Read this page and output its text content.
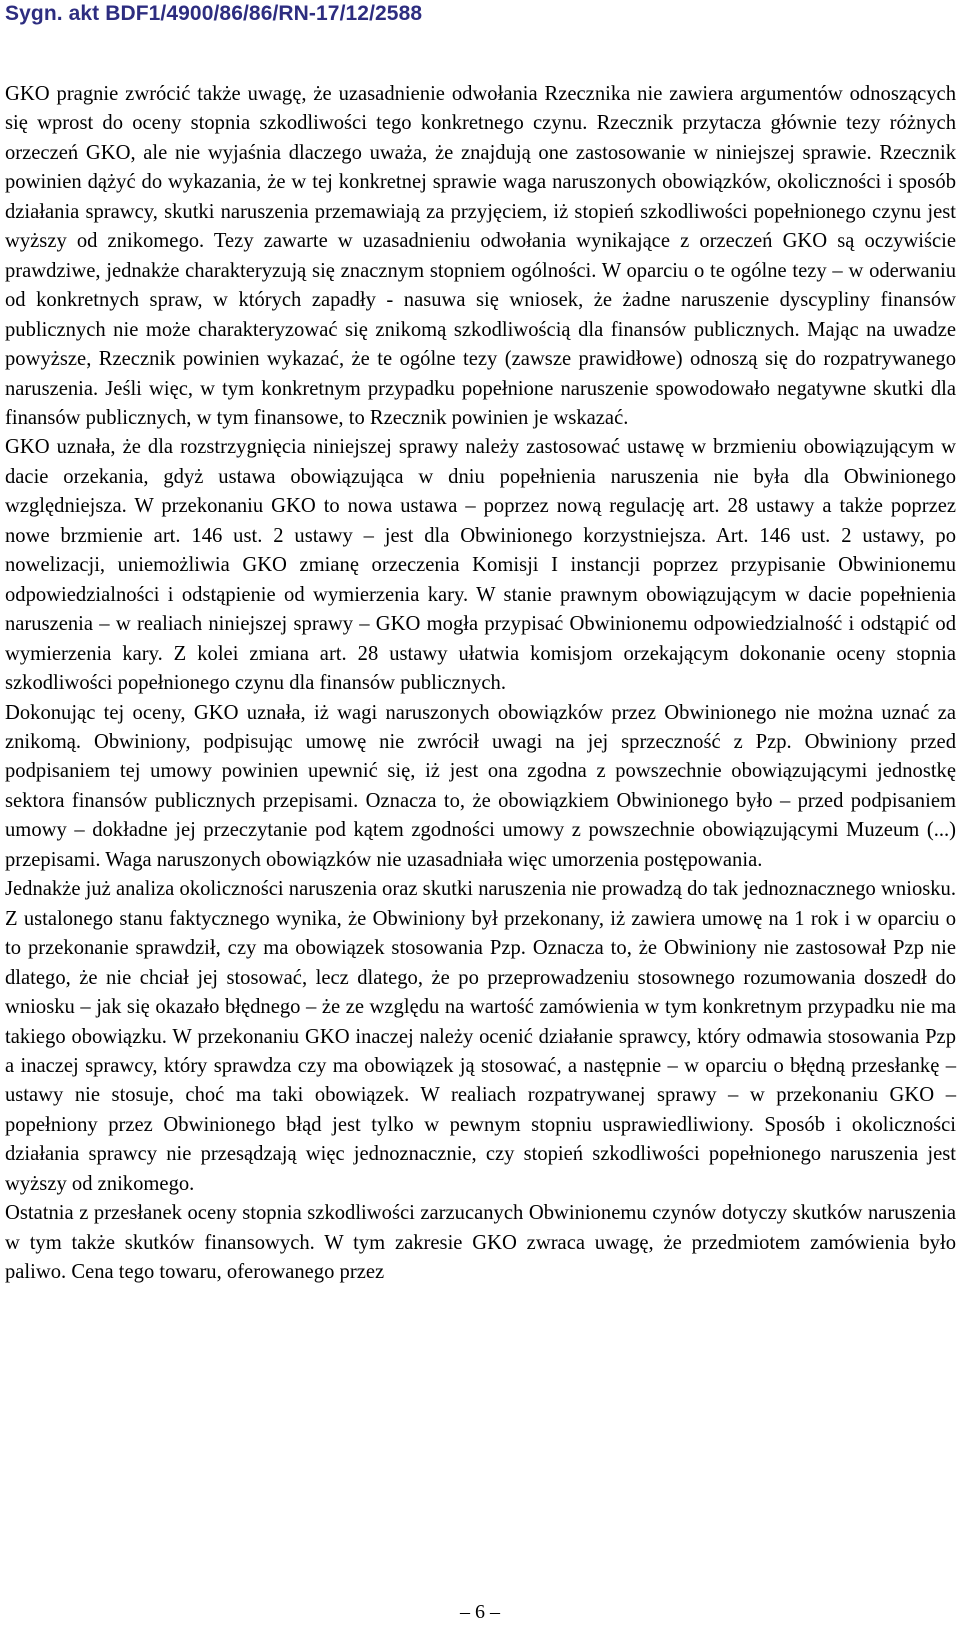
Sygn. akt BDF1/4900/86/86/RN-17/12/2588

GKO pragnie zwrócić także uwagę, że uzasadnienie odwołania Rzecznika nie zawiera argumentów odnoszących się wprost do oceny stopnia szkodliwości tego konkretnego czynu. Rzecznik przytacza głównie tezy różnych orzeczeń GKO, ale nie wyjaśnia dlaczego uważa, że znajdują one zastosowanie w niniejszej sprawie. Rzecznik powinien dążyć do wykazania, że w tej konkretnej sprawie waga naruszonych obowiązków, okoliczności i sposób działania sprawcy, skutki naruszenia przemawiają za przyjęciem, iż stopień szkodliwości popełnionego czynu jest wyższy od znikomego. Tezy zawarte w uzasadnieniu odwołania wynikające z orzeczeń GKO są oczywiście prawdziwe, jednakże charakteryzują się znacznym stopniem ogólności. W oparciu o te ogólne tezy – w oderwaniu od konkretnych spraw, w których zapadły - nasuwa się wniosek, że żadne naruszenie dyscypliny finansów publicznych nie może charakteryzować się znikomą szkodliwością dla finansów publicznych. Mając na uwadze powyższe, Rzecznik powinien wykazać, że te ogólne tezy (zawsze prawidłowe) odnoszą się do rozpatrywanego naruszenia. Jeśli więc, w tym konkretnym przypadku popełnione naruszenie spowodowało negatywne skutki dla finansów publicznych, w tym finansowe, to Rzecznik powinien je wskazać.

GKO uznała, że dla rozstrzygnięcia niniejszej sprawy należy zastosować ustawę w brzmieniu obowiązującym w dacie orzekania, gdyż ustawa obowiązująca w dniu popełnienia naruszenia nie była dla Obwinionego względniejsza. W przekonaniu GKO to nowa ustawa – poprzez nową regulację art. 28 ustawy a także poprzez nowe brzmienie art. 146 ust. 2 ustawy – jest dla Obwinionego korzystniejsza. Art. 146 ust. 2 ustawy, po nowelizacji, uniemożliwia GKO zmianę orzeczenia Komisji I instancji poprzez przypisanie Obwinionemu odpowiedzialności i odstąpienie od wymierzenia kary. W stanie prawnym obowiązującym w dacie popełnienia naruszenia – w realiach niniejszej sprawy – GKO mogła przypisać Obwinionemu odpowiedzialność i odstąpić od wymierzenia kary. Z kolei zmiana art. 28 ustawy ułatwia komisjom orzekającym dokonanie oceny stopnia szkodliwości popełnionego czynu dla finansów publicznych.

Dokonując tej oceny, GKO uznała, iż wagi naruszonych obowiązków przez Obwinionego nie można uznać za znikomą. Obwiniony, podpisując umowę nie zwrócił uwagi na jej sprzeczność z Pzp. Obwiniony przed podpisaniem tej umowy powinien upewnić się, iż jest ona zgodna z powszechnie obowiązującymi jednostkę sektora finansów publicznych przepisami. Oznacza to, że obowiązkiem Obwinionego było – przed podpisaniem umowy – dokładne jej przeczytanie pod kątem zgodności umowy z powszechnie obowiązującymi Muzeum (...) przepisami. Waga naruszonych obowiązków nie uzasadniała więc umorzenia postępowania.

Jednakże już analiza okoliczności naruszenia oraz skutki naruszenia nie prowadzą do tak jednoznacznego wniosku. Z ustalonego stanu faktycznego wynika, że Obwiniony był przekonany, iż zawiera umowę na 1 rok i w oparciu o to przekonanie sprawdził, czy ma obowiązek stosowania Pzp. Oznacza to, że Obwiniony nie zastosował Pzp nie dlatego, że nie chciał jej stosować, lecz dlatego, że po przeprowadzeniu stosownego rozumowania doszedł do wniosku – jak się okazało błędnego – że ze względu na wartość zamówienia w tym konkretnym przypadku nie ma takiego obowiązku. W przekonaniu GKO inaczej należy ocenić działanie sprawcy, który odmawia stosowania Pzp a inaczej sprawcy, który sprawdza czy ma obowiązek ją stosować, a następnie – w oparciu o błędną przesłankę – ustawy nie stosuje, choć ma taki obowiązek. W realiach rozpatrywanej sprawy – w przekonaniu GKO – popełniony przez Obwinionego błąd jest tylko w pewnym stopniu usprawiedliwiony. Sposób i okoliczności działania sprawcy nie przesądzają więc jednoznacznie, czy stopień szkodliwości popełnionego naruszenia jest wyższy od znikomego.

Ostatnia z przesłanek oceny stopnia szkodliwości zarzucanych Obwinionemu czynów dotyczy skutków naruszenia w tym także skutków finansowych. W tym zakresie GKO zwraca uwagę, że przedmiotem zamówienia było paliwo. Cena tego towaru, oferowanego przez

– 6 –
